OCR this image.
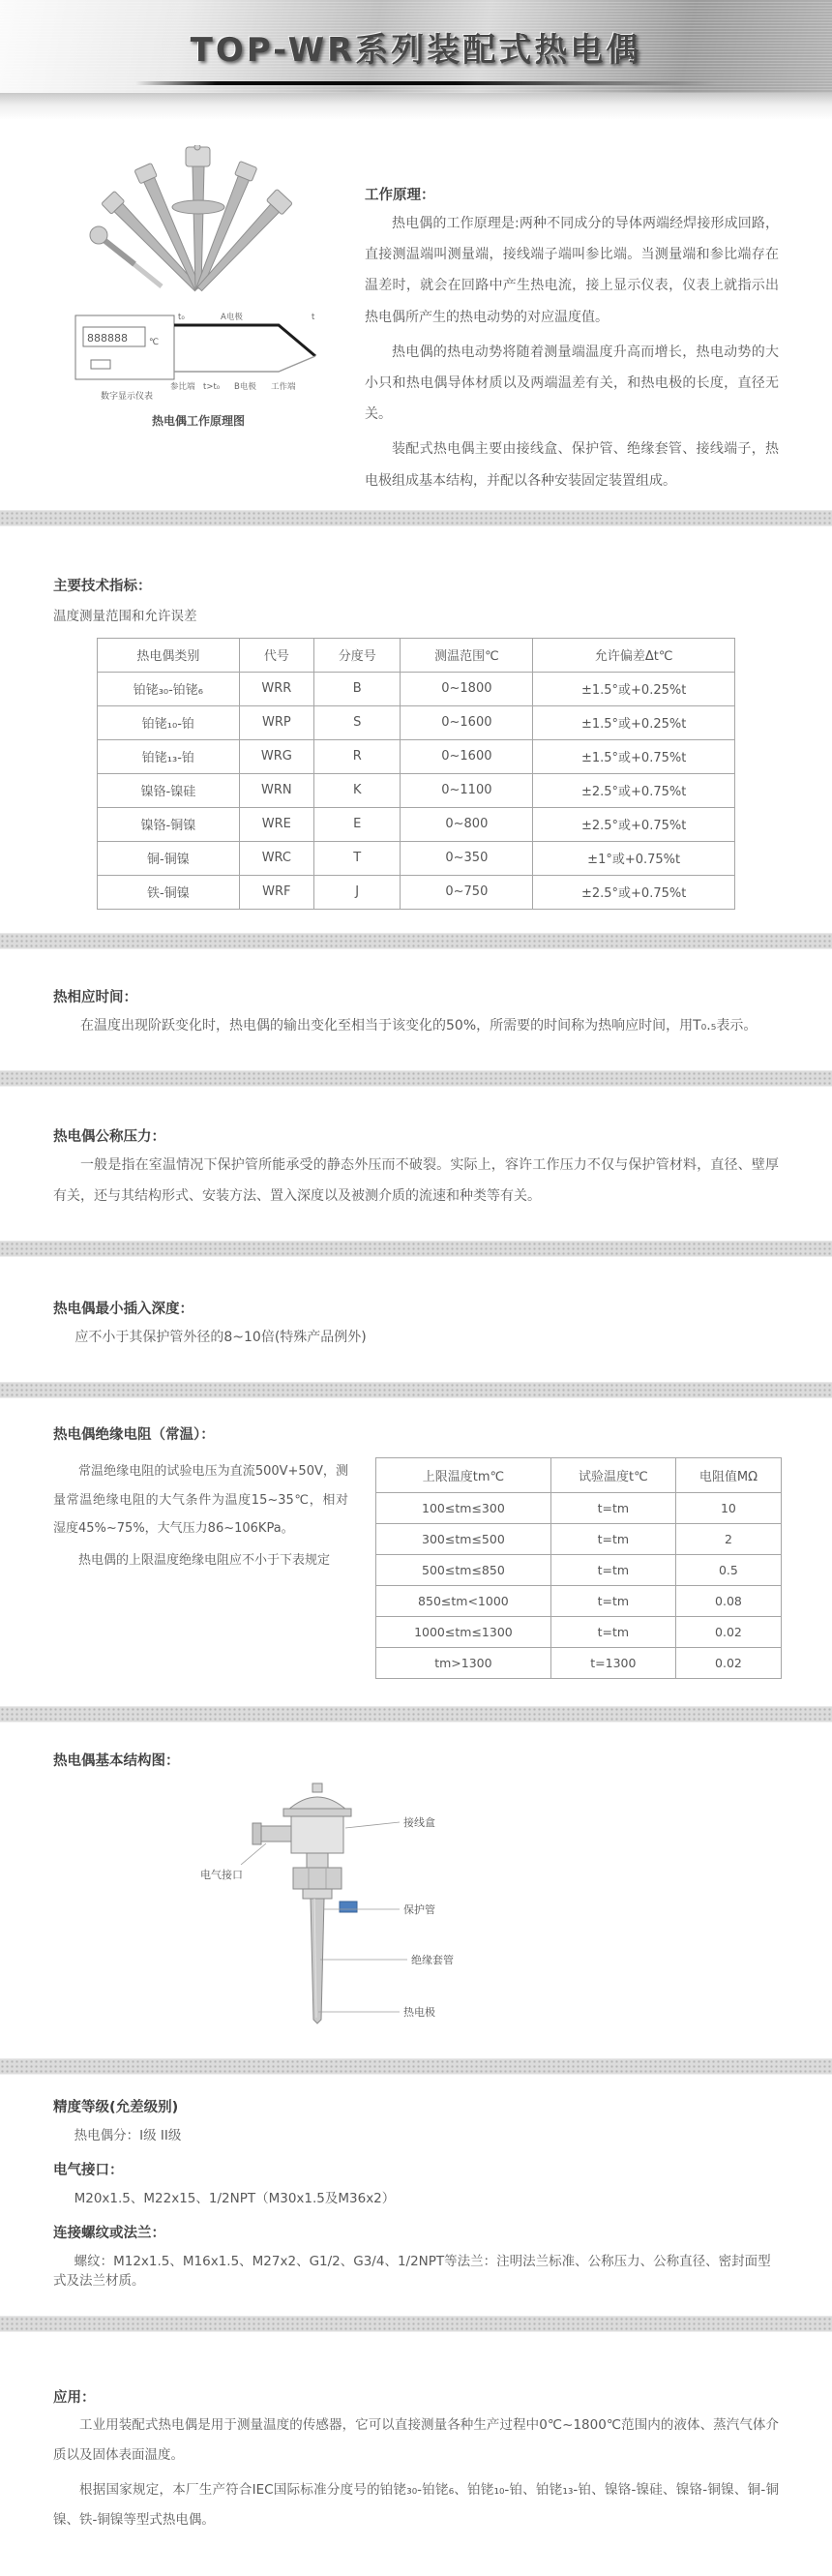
TOP-WR系列装配式热电偶
888888 ℃
t₀	A电极	t
参比端 t>t₀ B电极 工作端
数字显示仪表
热电偶工作原理图

工作原理：

热电偶的工作原理是:两种不同成分的导体两端经焊接形成回路，直接测温端叫测量端，接线端子端叫参比端。当测量端和参比端存在温差时，就会在回路中产生热电流，接上显示仪表，仪表上就指示出热电偶所产生的热电动势的对应温度值。

热电偶的热电动势将随着测量端温度升高而增长，热电动势的大小只和热电偶导体材质以及两端温差有关，和热电极的长度，直径无关。

装配式热电偶主要由接线盒、保护管、绝缘套管、接线端子，热电极组成基本结构，并配以各种安装固定装置组成。

主要技术指标：

温度测量范围和允许误差

热电偶类别	代号	分度号	测温范围℃	允许偏差Δt℃
铂铑₃₀-铂铑₆	WRR	B	0~1800	±1.5°或+0.25%t
铂铑₁₀-铂	WRP	S	0~1600	±1.5°或+0.25%t
铂铑₁₃-铂	WRG	R	0~1600	±1.5°或+0.75%t
镍铬-镍硅	WRN	K	0~1100	±2.5°或+0.75%t
镍铬-铜镍	WRE	E	0~800	±2.5°或+0.75%t
铜-铜镍	WRC	T	0~350	±1°或+0.75%t
铁-铜镍	WRF	J	0~750	±2.5°或+0.75%t

热相应时间：

在温度出现阶跃变化时，热电偶的输出变化至相当于该变化的50%，所需要的时间称为热响应时间，用T₀.₅表示。

热电偶公称压力：

一般是指在室温情况下保护管所能承受的静态外压而不破裂。实际上，容许工作压力不仅与保护管材料，直径、壁厚有关，还与其结构形式、安装方法、置入深度以及被测介质的流速和种类等有关。

热电偶最小插入深度：

应不小于其保护管外径的8~10倍(特殊产品例外)

热电偶绝缘电阻（常温）：

常温绝缘电阻的试验电压为直流500V+50V，测量常温绝缘电阻的大气条件为温度15~35℃，相对湿度45%~75%，大气压力86~106KPa。

热电偶的上限温度绝缘电阻应不小于下表规定

上限温度tm℃	试验温度t℃	电阻值MΩ
100≤tm≤300	t=tm	10
300≤tm≤500	t=tm	2
500≤tm≤850	t=tm	0.5
850≤tm<1000	t=tm	0.08
1000≤tm≤1300	t=tm	0.02
tm>1300	t=1300	0.02

热电偶基本结构图：

接线盒
电气接口
保护管
绝缘套管
热电极

精度等级(允差级别)

热电偶分：I级 II级

电气接口：

M20x1.5、M22x15、1/2NPT（M30x1.5及M36x2）

连接螺纹或法兰：

螺纹：M12x1.5、M16x1.5、M27x2、G1/2、G3/4、1/2NPT等法兰：注明法兰标准、公称压力、公称直径、密封面型式及法兰材质。

应用：

工业用装配式热电偶是用于测量温度的传感器，它可以直接测量各种生产过程中0℃~1800℃范围内的液体、蒸汽气体介质以及固体表面温度。

根据国家规定，本厂生产符合IEC国际标准分度号的铂铑₃₀-铂铑₆、铂铑₁₀-铂、铂铑₁₃-铂、镍铬-镍硅、镍铬-铜镍、铜-铜镍、铁-铜镍等型式热电偶。
